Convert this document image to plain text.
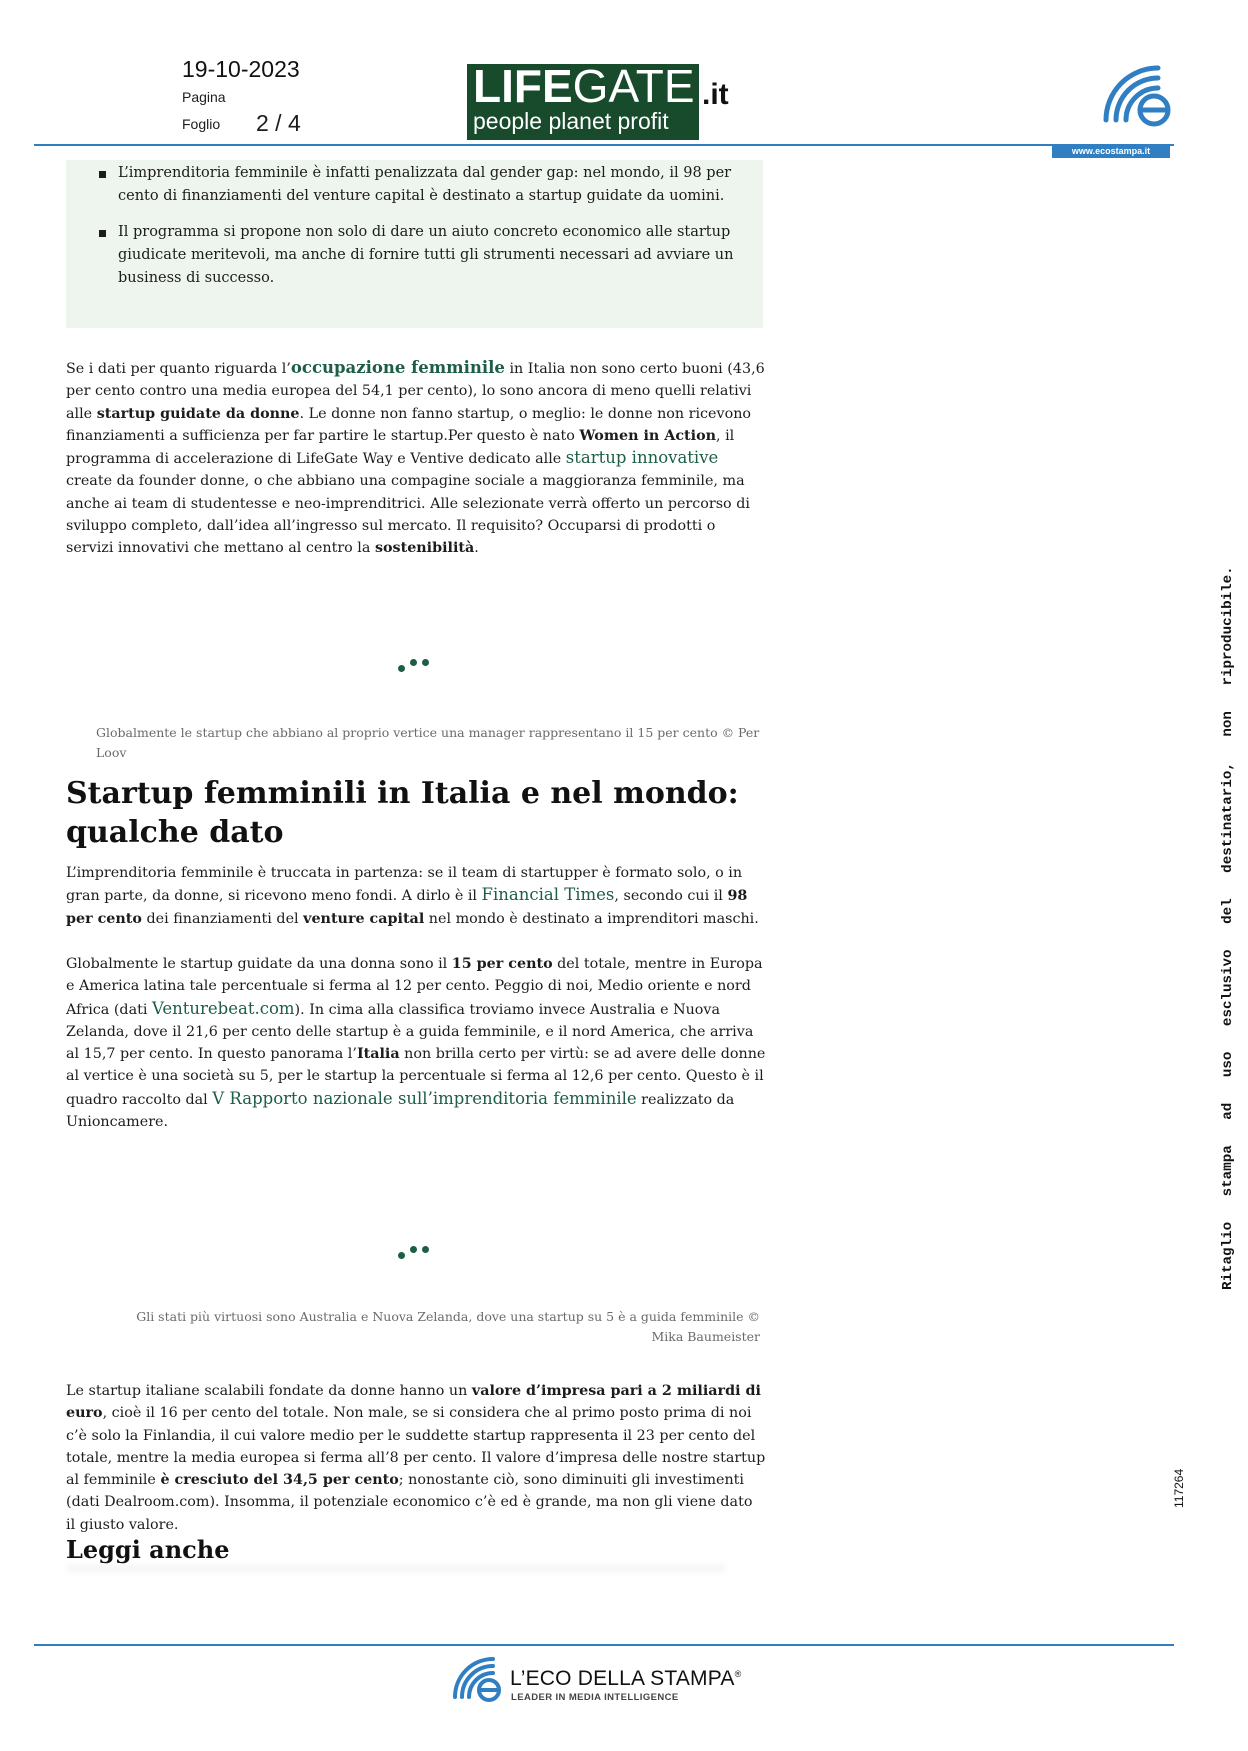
19-10-2023
Pagina
Foglio 2 / 4
LIFEGATE
people planet profit
.it
www.ecostampa.it
L’imprenditoria femminile è infatti penalizzata dal gender gap: nel mondo, il 98 per cento di finanziamenti del venture capital è destinato a startup guidate da uomini.
Il programma si propone non solo di dare un aiuto concreto economico alle startup giudicate meritevoli, ma anche di fornire tutti gli strumenti necessari ad avviare un business di successo.

Se i dati per quanto riguarda l’occupazione femminile in Italia non sono certo buoni (43,6 per cento contro una media europea del 54,1 per cento), lo sono ancora di meno quelli relativi alle startup guidate da donne. Le donne non fanno startup, o meglio: le donne non ricevono finanziamenti a sufficienza per far partire le startup.Per questo è nato Women in Action, il programma di accelerazione di LifeGate Way e Ventive dedicato alle startup innovative create da founder donne, o che abbiano una compagine sociale a maggioranza femminile, ma anche ai team di studentesse e neo-imprenditrici. Alle selezionate verrà offerto un percorso di sviluppo completo, dall’idea all’ingresso sul mercato. Il requisito? Occuparsi di prodotti o servizi innovativi che mettano al centro la sostenibilità.

Globalmente le startup che abbiano al proprio vertice una manager rappresentano il 15 per cento © Per Loov

Startup femminili in Italia e nel mondo: qualche dato

L’imprenditoria femminile è truccata in partenza: se il team di startupper è formato solo, o in gran parte, da donne, si ricevono meno fondi. A dirlo è il Financial Times, secondo cui il 98 per cento dei finanziamenti del venture capital nel mondo è destinato a imprenditori maschi.

Globalmente le startup guidate da una donna sono il 15 per cento del totale, mentre in Europa e America latina tale percentuale si ferma al 12 per cento. Peggio di noi, Medio oriente e nord Africa (dati Venturebeat.com). In cima alla classifica troviamo invece Australia e Nuova Zelanda, dove il 21,6 per cento delle startup è a guida femminile, e il nord America, che arriva al 15,7 per cento. In questo panorama l’Italia non brilla certo per virtù: se ad avere delle donne al vertice è una società su 5, per le startup la percentuale si ferma al 12,6 per cento. Questo è il quadro raccolto dal V Rapporto nazionale sull’imprenditoria femminile realizzato da Unioncamere.

Gli stati più virtuosi sono Australia e Nuova Zelanda, dove una startup su 5 è a guida femminile © Mika Baumeister

Le startup italiane scalabili fondate da donne hanno un valore d’impresa pari a 2 miliardi di euro, cioè il 16 per cento del totale. Non male, se si considera che al primo posto prima di noi c’è solo la Finlandia, il cui valore medio per le suddette startup rappresenta il 23 per cento del totale, mentre la media europea si ferma all’8 per cento. Il valore d’impresa delle nostre startup al femminile è cresciuto del 34,5 per cento; nonostante ciò, sono diminuiti gli investimenti (dati Dealroom.com). Insomma, il potenziale economico c’è ed è grande, ma non gli viene dato il giusto valore.

Leggi anche
Ritaglio   stampa   ad   uso   esclusivo   del   destinatario,   non   riproducibile.
117264
L’ECO DELLA STAMPA®
LEADER IN MEDIA INTELLIGENCE
